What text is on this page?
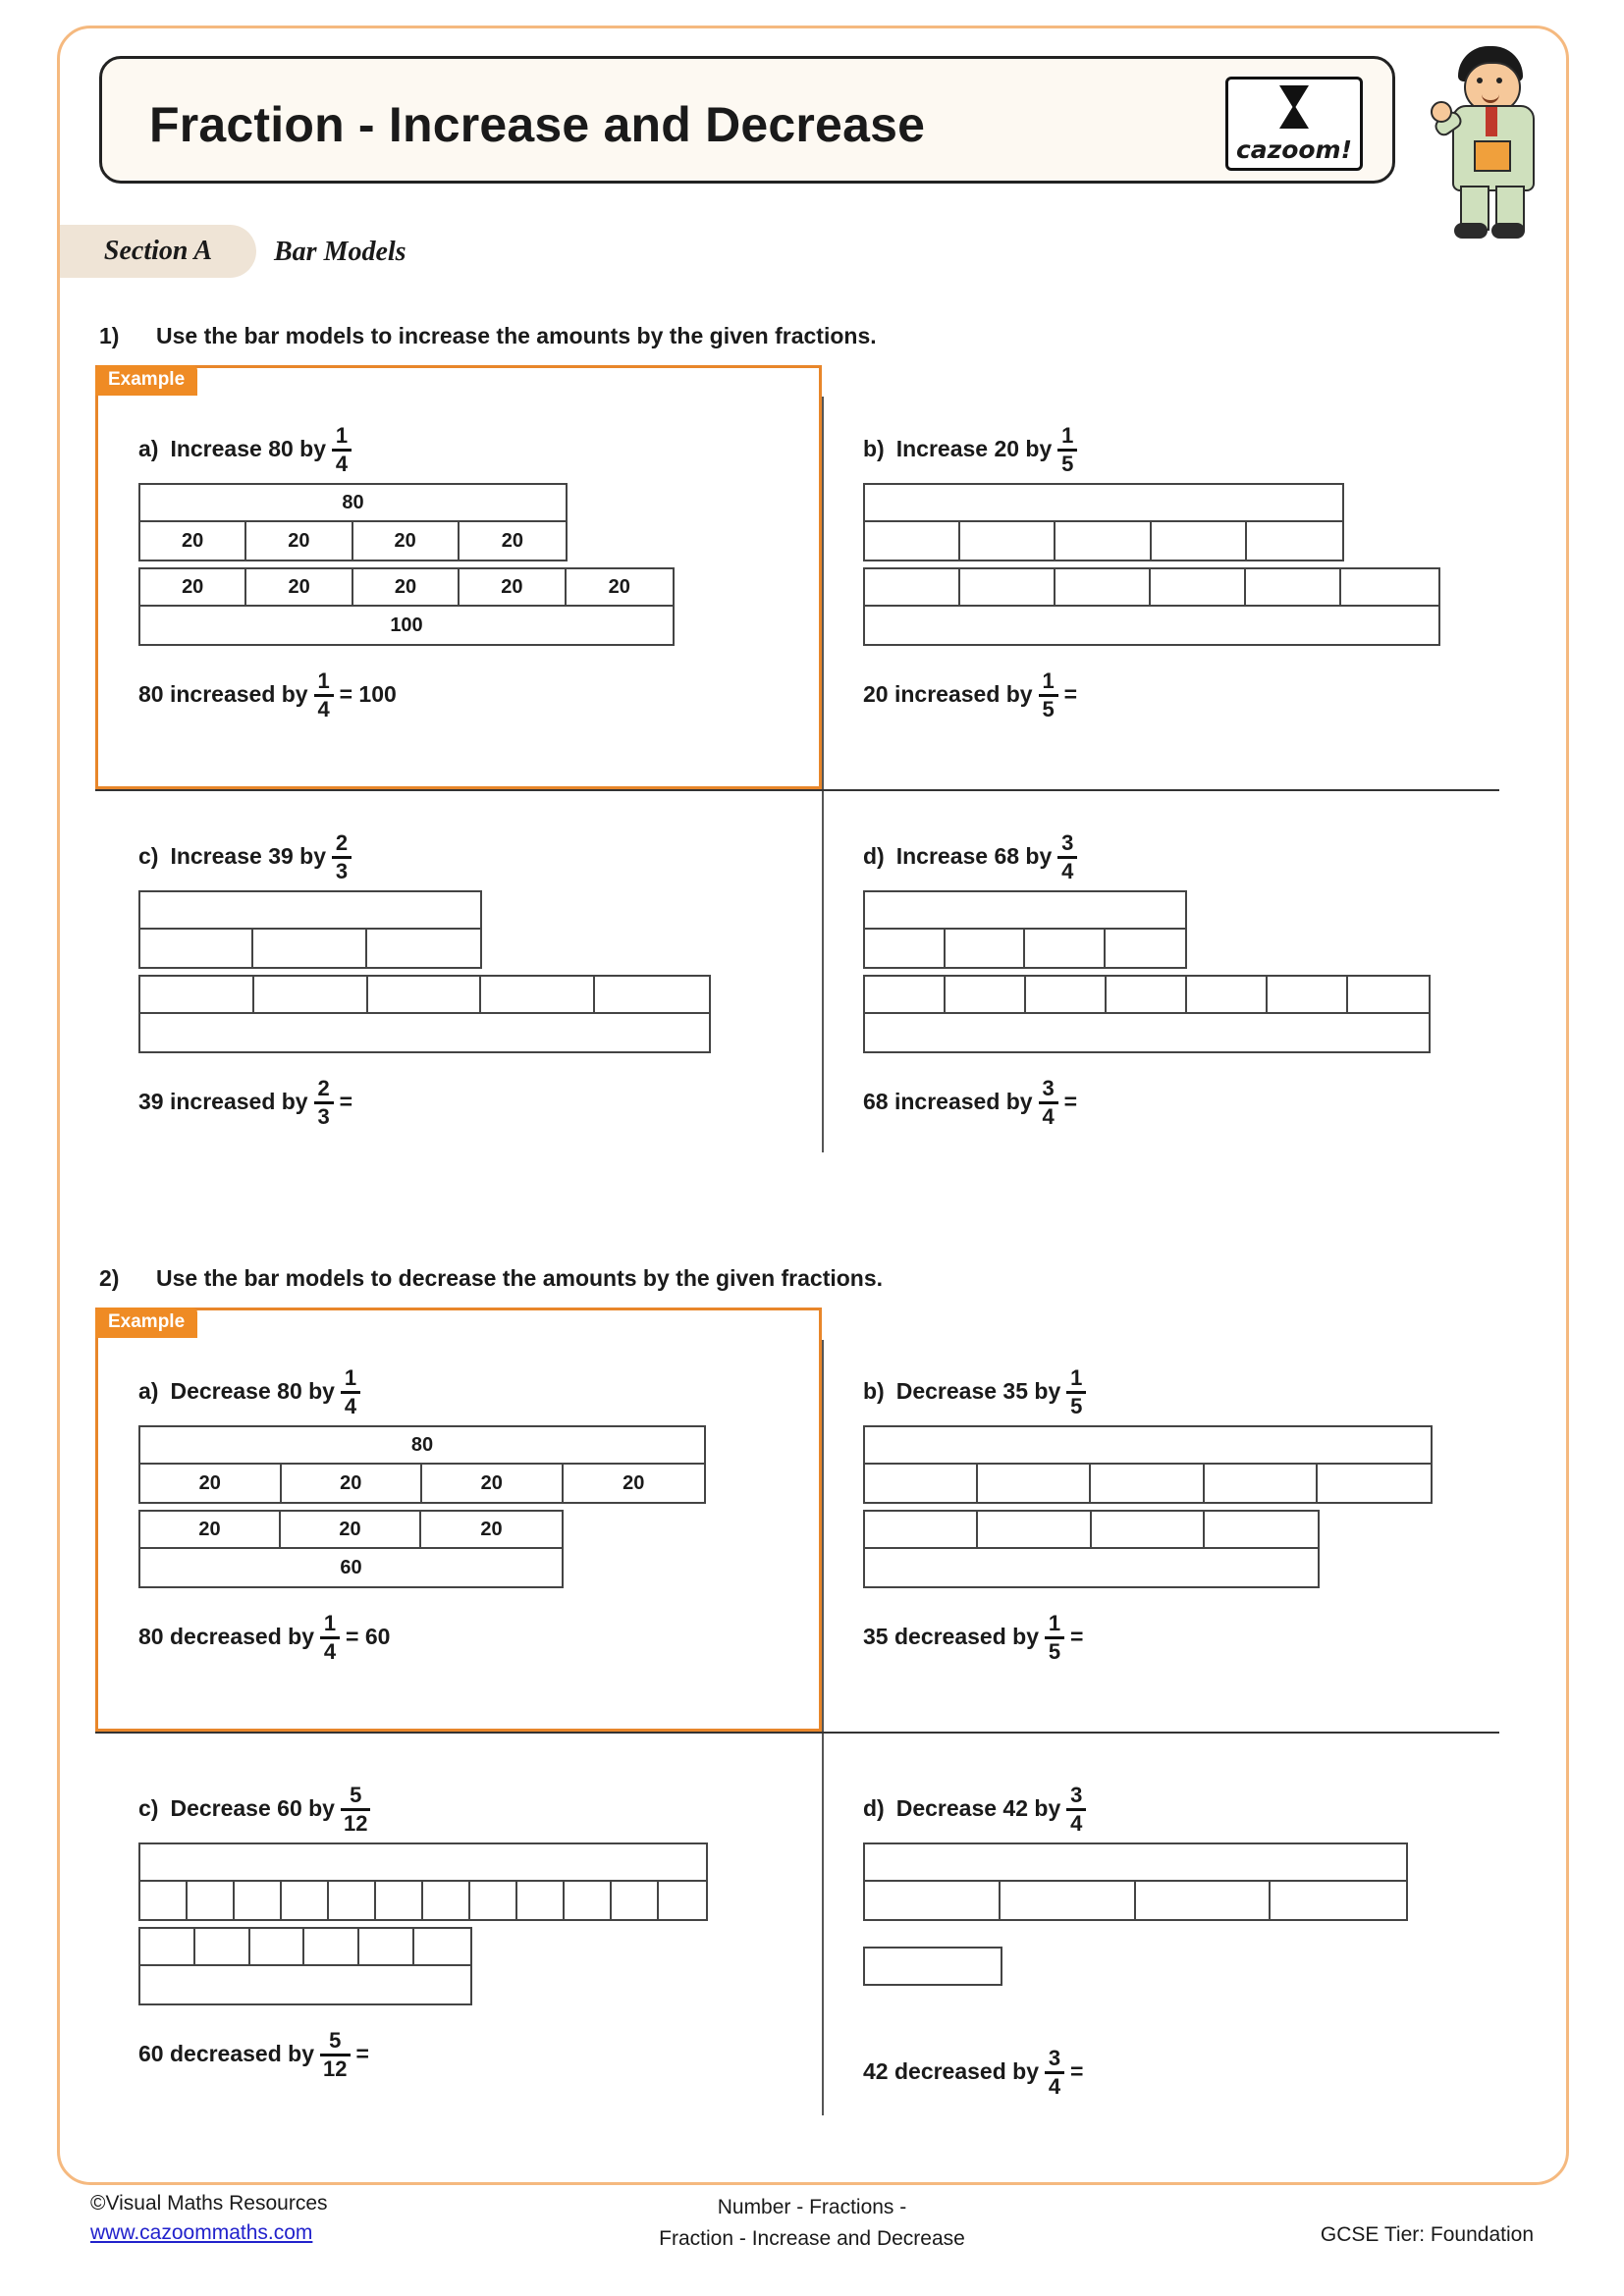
Fraction - Increase and Decrease	cazoom!
Section A	Bar Models
1) Use the bar models to increase the amounts by the given fractions.
Example
a) Increase 80 by $\frac{1}{4}$
80
20	20	20	20
20	20	20	20	20
100
80 increased by $\frac{1}{4} = 100$
b) Increase 20 by $\frac{1}{5}$
20 increased by $\frac{1}{5}$ =
c) Increase 39 by $\frac{2}{3}$
39 increased by $\frac{2}{3}$ =
d) Increase 68 by $\frac{3}{4}$
68 increased by $\frac{3}{4}$ =
2) Use the bar models to decrease the amounts by the given fractions.
Example
a) Decrease 80 by $\frac{1}{4}$
80
20	20	20	20
20	20	20
60
80 decreased by $\frac{1}{4} = 60$
b) Decrease 35 by $\frac{1}{5}$
35 decreased by $\frac{1}{5}$ =
c) Decrease 60 by $\frac{5}{12}$
60 decreased by $\frac{5}{12}$ =
d) Decrease 42 by $\frac{3}{4}$
42 decreased by $\frac{3}{4}$ =
©Visual Maths Resources
www.cazoommaths.com
Number - Fractions -
Fraction - Increase and Decrease	GCSE Tier: Foundation
